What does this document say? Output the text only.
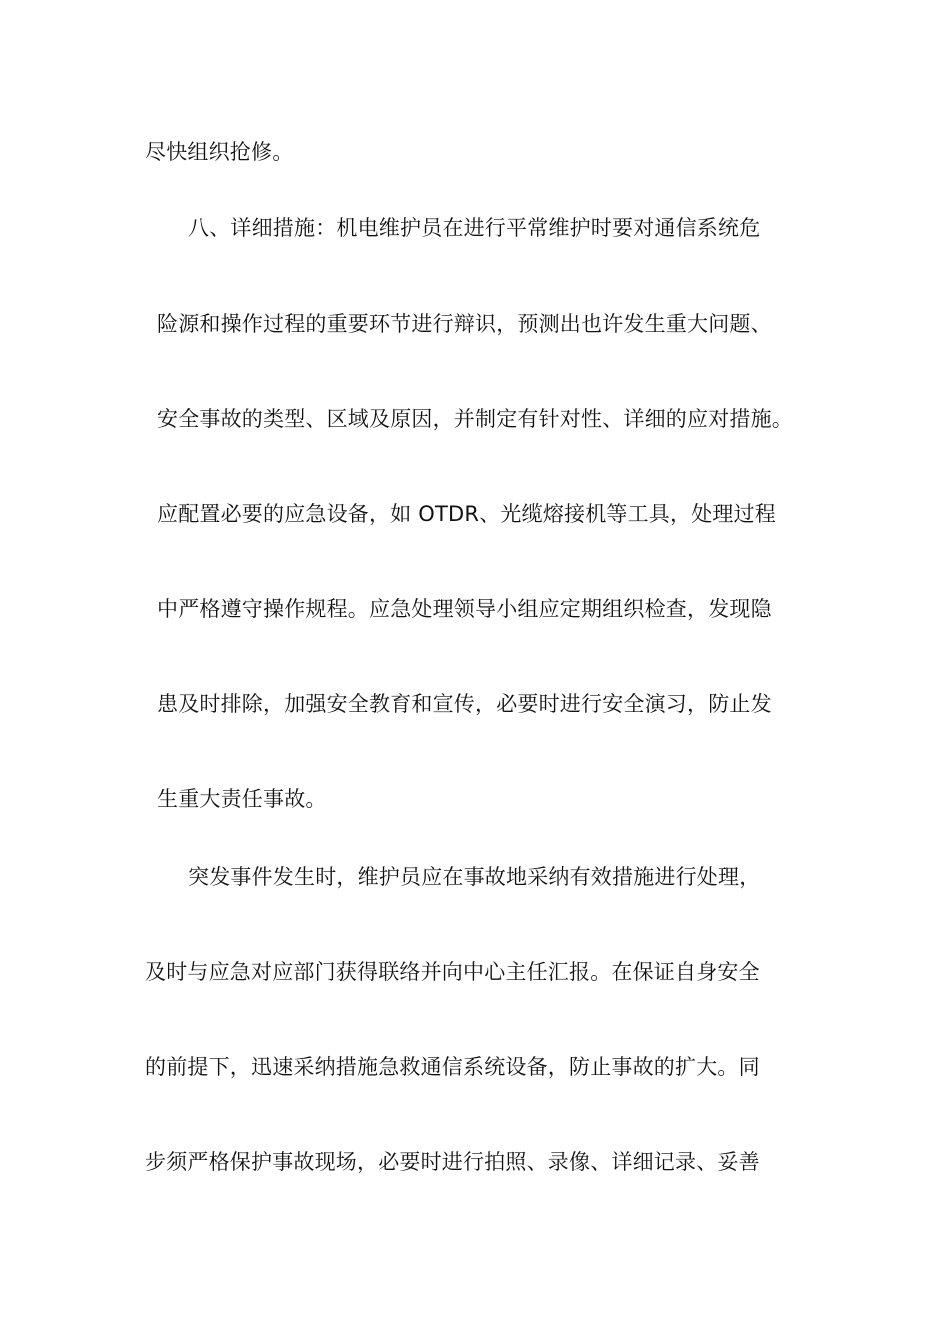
尽快组织抢修。
八、详细措施：机电维护员在进行平常维护时要对通信系统危
险源和操作过程的重要环节进行辩识，预测出也许发生重大问题、
安全事故的类型、区域及原因，并制定有针对性、详细的应对措施。
应配置必要的应急设备，如 OTDR、光缆熔接机等工具，处理过程
中严格遵守操作规程。应急处理领导小组应定期组织检查，发现隐
患及时排除，加强安全教育和宣传，必要时进行安全演习，防止发
生重大责任事故。
突发事件发生时，维护员应在事故地采纳有效措施进行处理，
及时与应急对应部门获得联络并向中心主任汇报。在保证自身安全
的前提下，迅速采纳措施急救通信系统设备，防止事故的扩大。同
步须严格保护事故现场，必要时进行拍照、录像、详细记录、妥善
